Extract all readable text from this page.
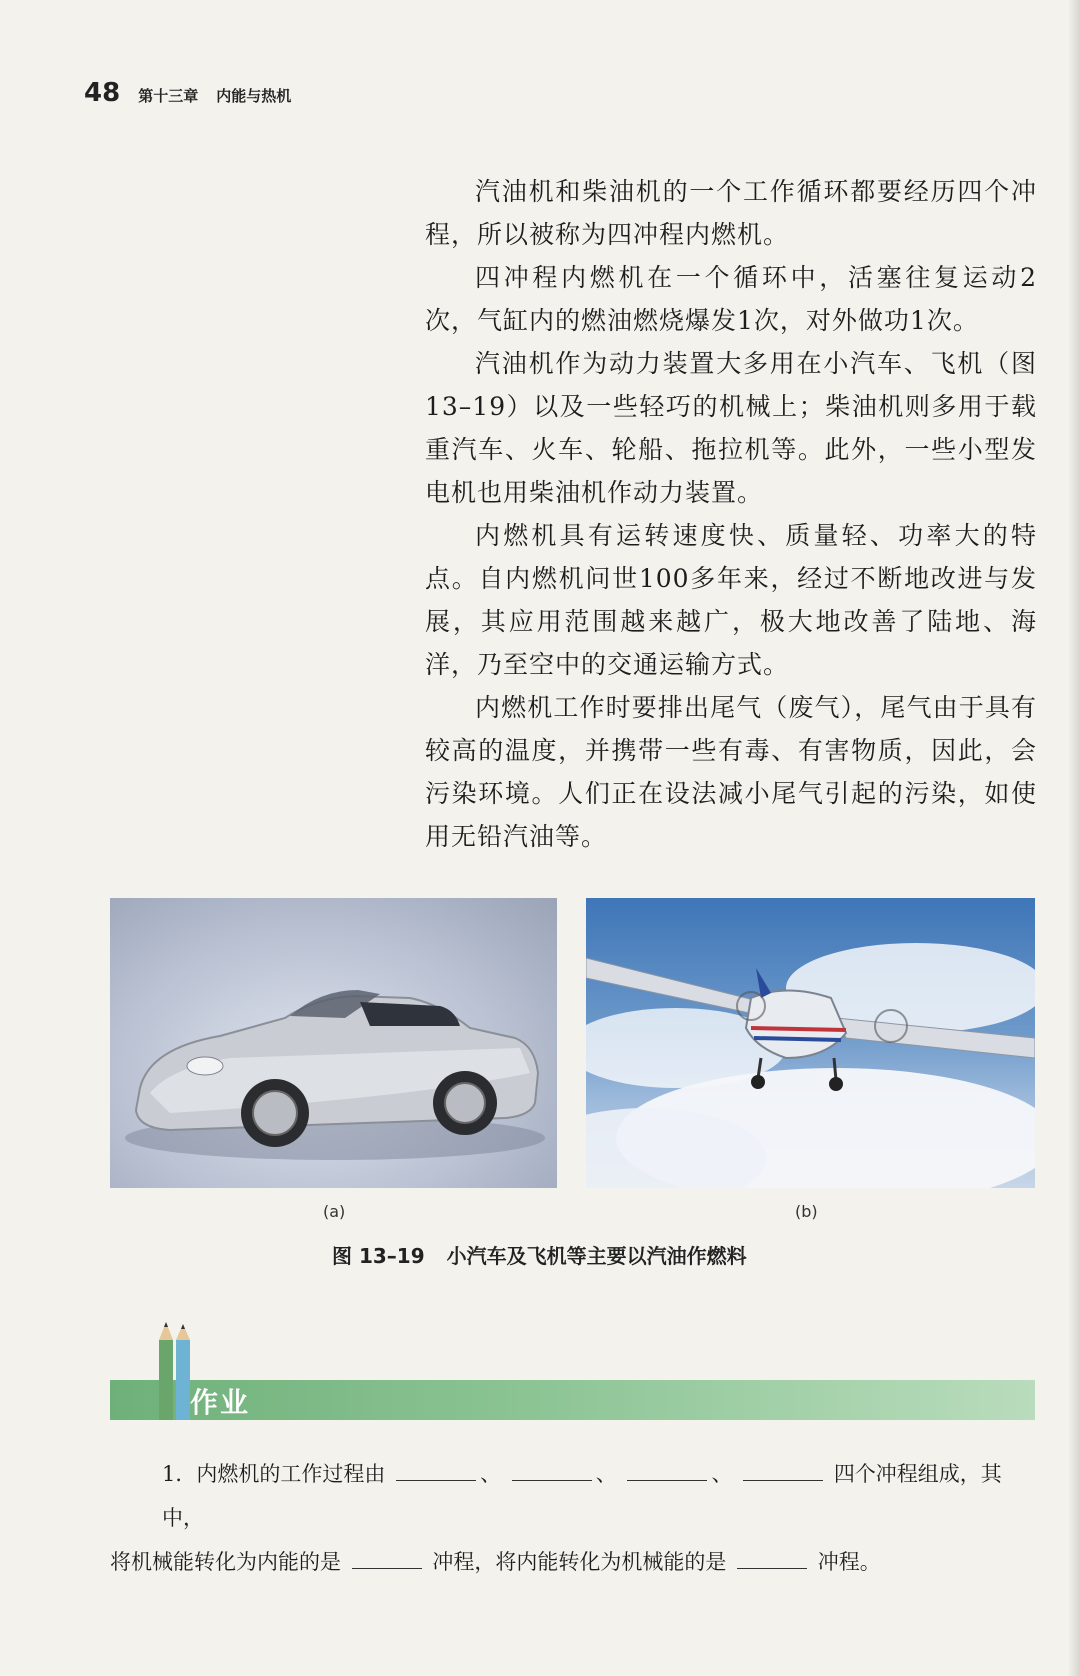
48 第十三章 内能与热机

汽油机和柴油机的一个工作循环都要经历四个冲程，所以被称为四冲程内燃机。

四冲程内燃机在一个循环中，活塞往复运动2次，气缸内的燃油燃烧爆发1次，对外做功1次。

汽油机作为动力装置大多用在小汽车、飞机（图13–19）以及一些轻巧的机械上；柴油机则多用于载重汽车、火车、轮船、拖拉机等。此外，一些小型发电机也用柴油机作动力装置。

内燃机具有运转速度快、质量轻、功率大的特点。自内燃机问世100多年来，经过不断地改进与发展，其应用范围越来越广，极大地改善了陆地、海洋，乃至空中的交通运输方式。

内燃机工作时要排出尾气（废气），尾气由于具有较高的温度，并携带一些有毒、有害物质，因此，会污染环境。人们正在设法减小尾气引起的污染，如使用无铅汽油等。

(a)	(b)
图 13–19 小汽车及飞机等主要以汽油作燃料
作业
1．内燃机的工作过程由	、	、	、	四个冲程组成，其中，
将机械能转化为内能的是	冲程，将内能转化为机械能的是	冲程。
